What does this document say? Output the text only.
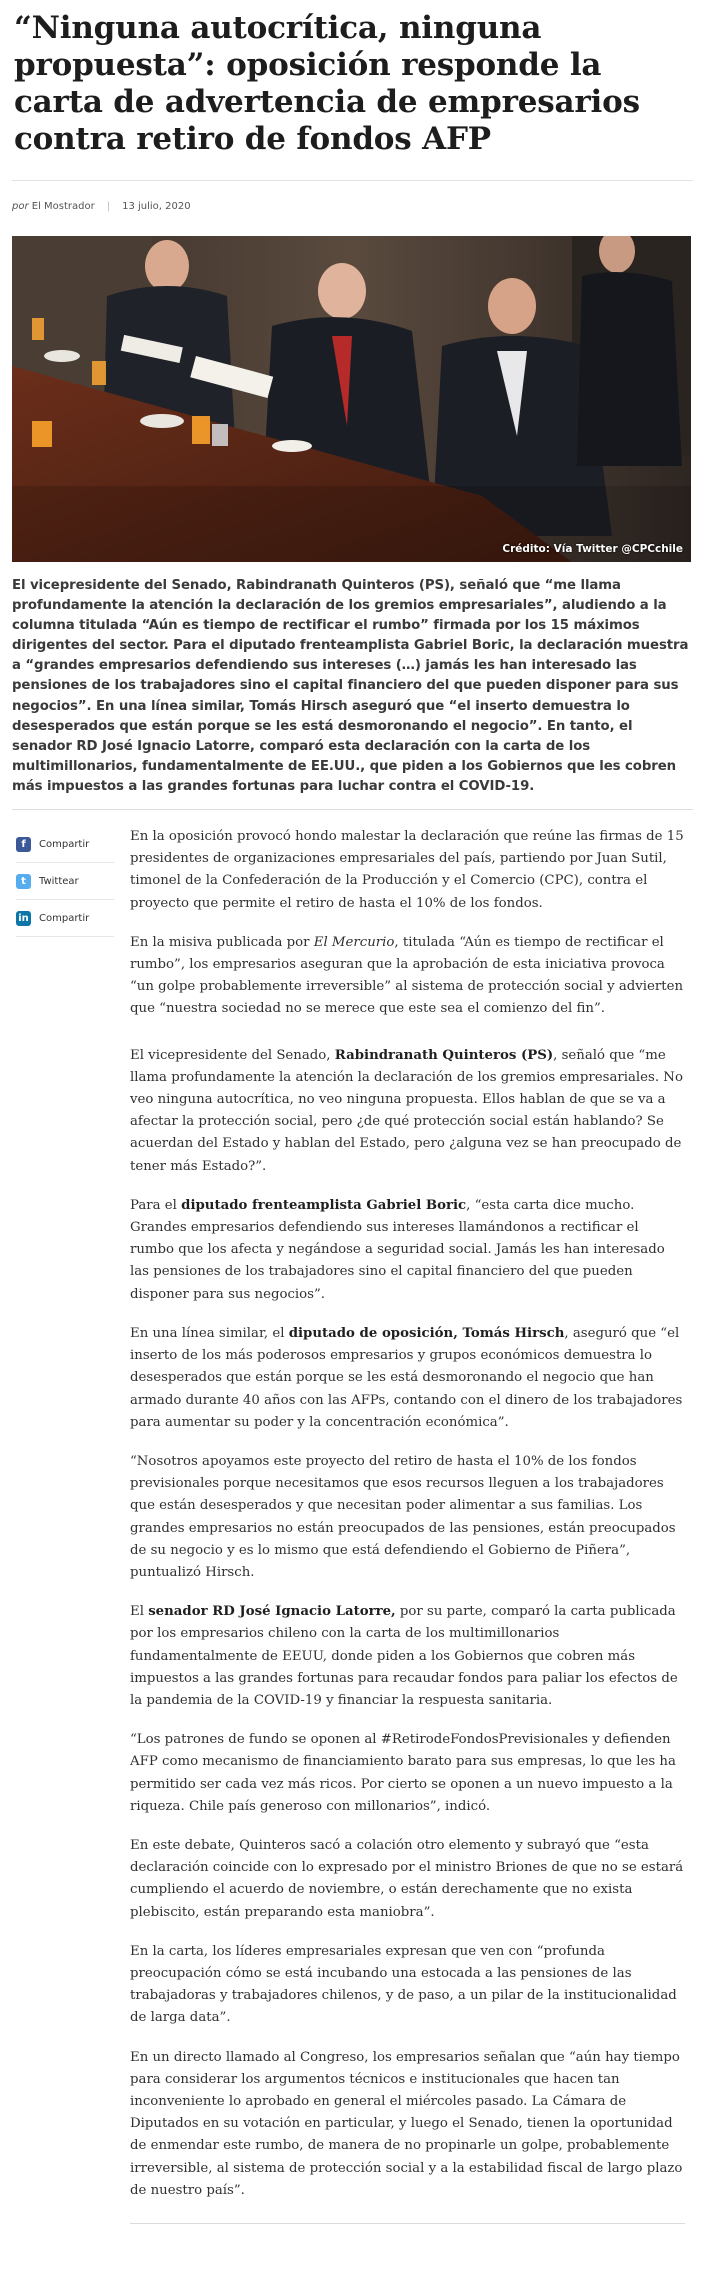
“Ninguna autocrítica, ninguna propuesta”: oposición responde la carta de advertencia de empresarios contra retiro de fondos AFP
por
El Mostrador | 13 julio, 2020
Crédito: Vía Twitter @CPCchile

El vicepresidente del Senado, Rabindranath Quinteros (PS), señaló que “me llama profundamente la atención la declaración de los gremios empresariales”, aludiendo a la columna titulada “Aún es tiempo de rectificar el rumbo” firmada por los 15 máximos dirigentes del sector. Para el diputado frenteamplista Gabriel Boric, la declaración muestra a “grandes empresarios defendiendo sus intereses (…) jamás les han interesado las pensiones de los trabajadores sino el capital financiero del que pueden disponer para sus negocios”. En una línea similar, Tomás Hirsch aseguró que “el inserto demuestra lo desesperados que están porque se les está desmoronando el negocio”. En tanto, el senador RD José Ignacio Latorre, comparó esta declaración con la carta de los multimillonarios, fundamentalmente de EE.UU., que piden a los Gobiernos que les cobren más impuestos a las grandes fortunas para luchar contra el COVID-19.

f	Compartir
t	Twittear
in Compartir

En la oposición provocó hondo malestar la declaración que reúne las firmas de 15 presidentes de organizaciones empresariales del país, partiendo por Juan Sutil, timonel de la Confederación de la Producción y el Comercio (CPC), contra el proyecto que permite el retiro de hasta el 10% de los fondos.

En la misiva publicada por El Mercurio, titulada “Aún es tiempo de rectificar el rumbo”, los empresarios aseguran que la aprobación de esta iniciativa provoca “un golpe probablemente irreversible” al sistema de protección social y advierten que “nuestra sociedad no se merece que este sea el comienzo del fin”.

El vicepresidente del Senado, Rabindranath Quinteros (PS), señaló que “me llama profundamente la atención la declaración de los gremios empresariales. No veo ninguna autocrítica, no veo ninguna propuesta. Ellos hablan de que se va a afectar la protección social, pero ¿de qué protección social están hablando? Se acuerdan del Estado y hablan del Estado, pero ¿alguna vez se han preocupado de tener más Estado?”.

Para el diputado frenteamplista Gabriel Boric, “esta carta dice mucho. Grandes empresarios defendiendo sus intereses llamándonos a rectificar el rumbo que los afecta y negándose a seguridad social. Jamás les han interesado las pensiones de los trabajadores sino el capital financiero del que pueden disponer para sus negocios”.

En una línea similar, el diputado de oposición, Tomás Hirsch, aseguró que “el inserto de los más poderosos empresarios y grupos económicos demuestra lo desesperados que están porque se les está desmoronando el negocio que han armado durante 40 años con las AFPs, contando con el dinero de los trabajadores para aumentar su poder y la concentración económica”.

“Nosotros apoyamos este proyecto del retiro de hasta el 10% de los fondos previsionales porque necesitamos que esos recursos lleguen a los trabajadores que están desesperados y que necesitan poder alimentar a sus familias. Los grandes empresarios no están preocupados de las pensiones, están preocupados de su negocio y es lo mismo que está defendiendo el Gobierno de Piñera”, puntualizó Hirsch.

El senador RD José Ignacio Latorre, por su parte, comparó la carta publicada por los empresarios chileno con la carta de los multimillonarios fundamentalmente de EEUU, donde piden a los Gobiernos que cobren más impuestos a las grandes fortunas para recaudar fondos para paliar los efectos de la pandemia de la COVID-19 y financiar la respuesta sanitaria.

“Los patrones de fundo se oponen al #RetirodeFondosPrevisionales y defienden AFP como mecanismo de financiamiento barato para sus empresas, lo que les ha permitido ser cada vez más ricos. Por cierto se oponen a un nuevo impuesto a la riqueza. Chile país generoso con millonarios”, indicó.

En este debate, Quinteros sacó a colación otro elemento y subrayó que “esta declaración coincide con lo expresado por el ministro Briones de que no se estará cumpliendo el acuerdo de noviembre, o están derechamente que no exista plebiscito, están preparando esta maniobra”.

En la carta, los líderes empresariales expresan que ven con “profunda preocupación cómo se está incubando una estocada a las pensiones de las trabajadoras y trabajadores chilenos, y de paso, a un pilar de la institucionalidad de larga data”.

En un directo llamado al Congreso, los empresarios señalan que “aún hay tiempo para considerar los argumentos técnicos e institucionales que hacen tan inconveniente lo aprobado en general el miércoles pasado. La Cámara de Diputados en su votación en particular, y luego el Senado, tienen la oportunidad de enmendar este rumbo, de manera de no propinarle un golpe, probablemente irreversible, al sistema de protección social y a la estabilidad fiscal de largo plazo de nuestro país”.
